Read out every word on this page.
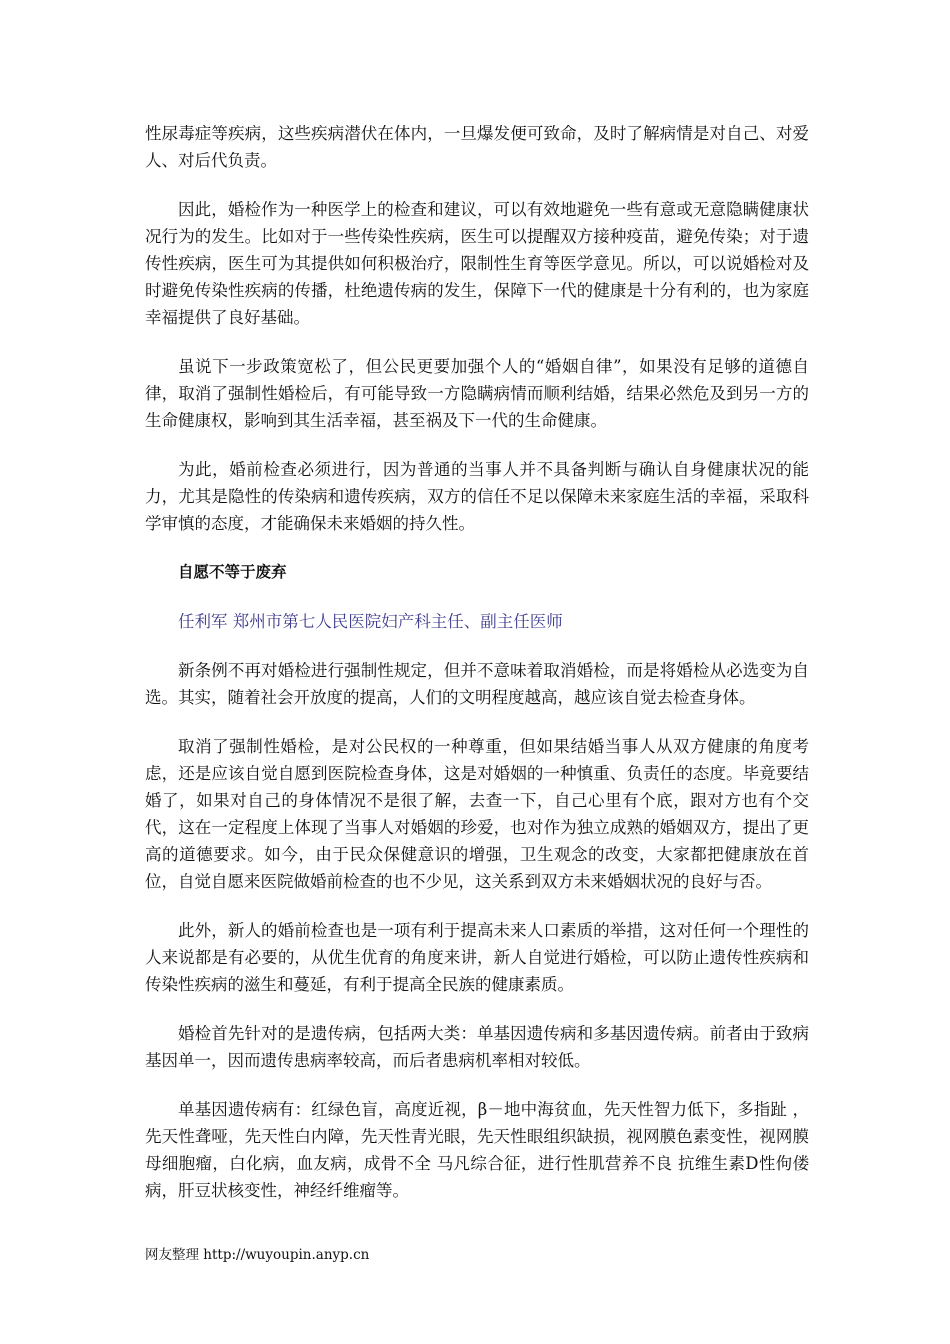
性尿毒症等疾病，这些疾病潜伏在体内，一旦爆发便可致命，及时了解病情是对自己、对爱人、对后代负责。

因此，婚检作为一种医学上的检查和建议，可以有效地避免一些有意或无意隐瞒健康状况行为的发生。比如对于一些传染性疾病，医生可以提醒双方接种疫苗，避免传染；对于遗传性疾病，医生可为其提供如何积极治疗，限制性生育等医学意见。所以，可以说婚检对及时避免传染性疾病的传播，杜绝遗传病的发生，保障下一代的健康是十分有利的，也为家庭幸福提供了良好基础。

虽说下一步政策宽松了，但公民更要加强个人的“婚姻自律”，如果没有足够的道德自律，取消了强制性婚检后，有可能导致一方隐瞒病情而顺利结婚，结果必然危及到另一方的生命健康权，影响到其生活幸福，甚至祸及下一代的生命健康。

为此，婚前检查必须进行，因为普通的当事人并不具备判断与确认自身健康状况的能力，尤其是隐性的传染病和遗传疾病，双方的信任不足以保障未来家庭生活的幸福，采取科学审慎的态度，才能确保未来婚姻的持久性。

自愿不等于废弃

任利军 郑州市第七人民医院妇产科主任、副主任医师

新条例不再对婚检进行强制性规定，但并不意味着取消婚检，而是将婚检从必选变为自选。其实，随着社会开放度的提高，人们的文明程度越高，越应该自觉去检查身体。

取消了强制性婚检，是对公民权的一种尊重，但如果结婚当事人从双方健康的角度考虑，还是应该自觉自愿到医院检查身体，这是对婚姻的一种慎重、负责任的态度。毕竟要结婚了，如果对自己的身体情况不是很了解，去查一下，自己心里有个底，跟对方也有个交代，这在一定程度上体现了当事人对婚姻的珍爱，也对作为独立成熟的婚姻双方，提出了更高的道德要求。如今，由于民众保健意识的增强，卫生观念的改变，大家都把健康放在首位，自觉自愿来医院做婚前检查的也不少见，这关系到双方未来婚姻状况的良好与否。

此外，新人的婚前检查也是一项有利于提高未来人口素质的举措，这对任何一个理性的人来说都是有必要的，从优生优育的角度来讲，新人自觉进行婚检，可以防止遗传性疾病和传染性疾病的滋生和蔓延，有利于提高全民族的健康素质。

婚检首先针对的是遗传病，包括两大类：单基因遗传病和多基因遗传病。前者由于致病基因单一，因而遗传患病率较高，而后者患病机率相对较低。

单基因遗传病有：红绿色盲，高度近视，β－地中海贫血，先天性智力低下，多指趾 ，先天性聋哑，先天性白内障，先天性青光眼，先天性眼组织缺损，视网膜色素变性，视网膜母细胞瘤，白化病，血友病，成骨不全 马凡综合征，进行性肌营养不良 抗维生素D性佝偻病，肝豆状核变性，神经纤维瘤等。

网友整理 http://wuyoupin.anyp.cn
